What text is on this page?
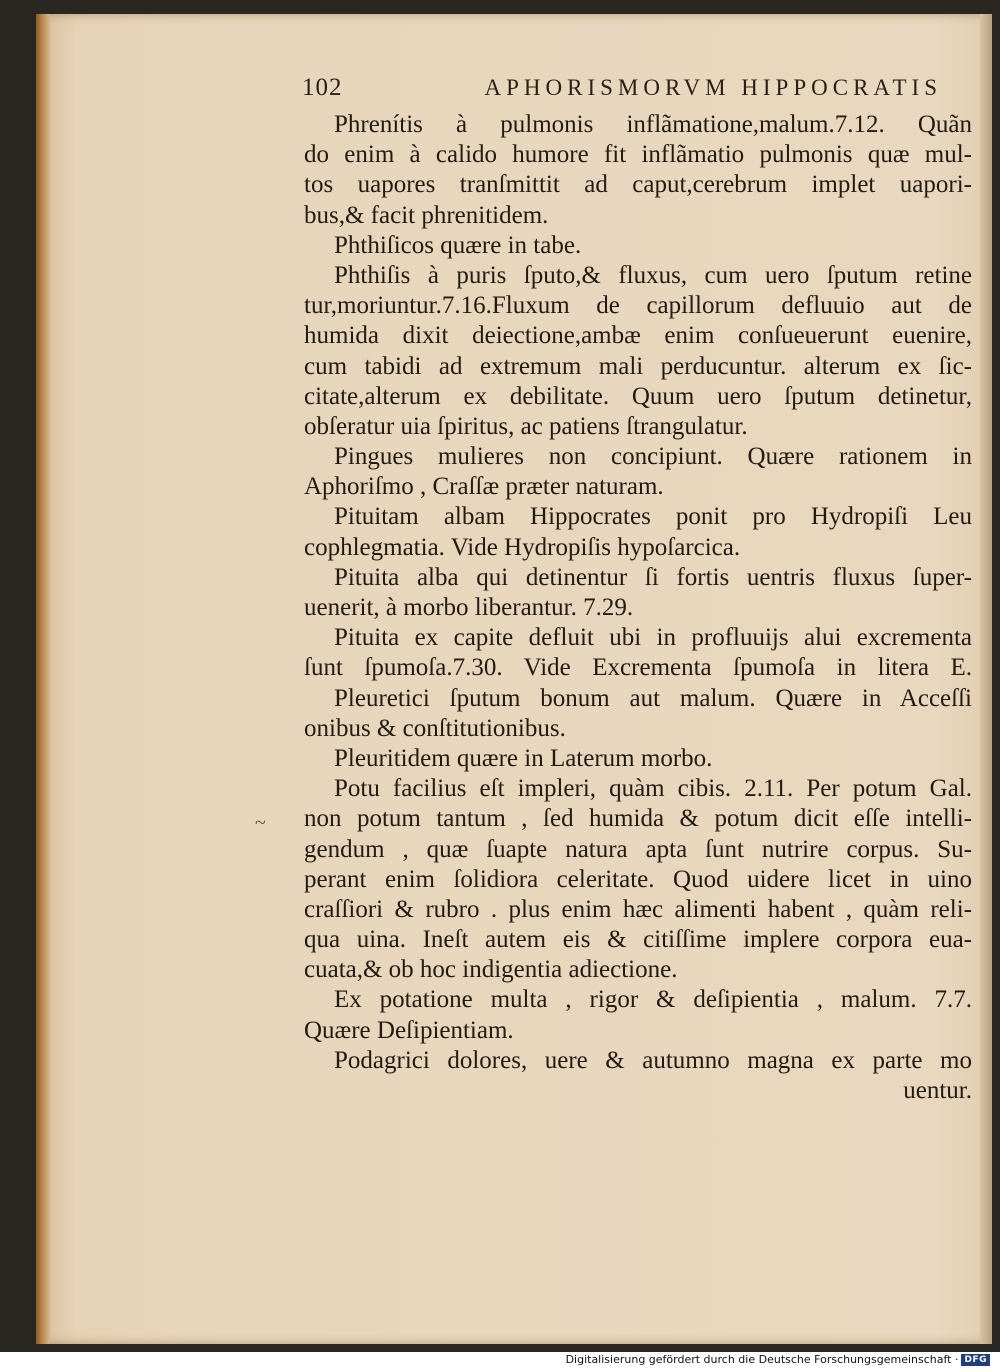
102	APHORISMORVM HIPPOCRATIS
Phrenítis à pulmonis inflãmatione,malum.7.12. Quãn
do enim à calido humore fit inflãmatio pulmonis quæ mul-
tos uapores tranſmittit ad caput,cerebrum implet uapori-
bus,& facit phrenitidem.
Phthiſicos quære in tabe.
Phthiſis à puris ſputo,& fluxus, cum uero ſputum retine
tur,moriuntur.7.16.Fluxum de capillorum defluuio aut de
humida dixit deiectione,ambæ enim conſueuerunt euenire,
cum tabidi ad extremum mali perducuntur. alterum ex ſic-
citate,alterum ex debilitate. Quum uero ſputum detinetur,
obſeratur uia ſpiritus, ac patiens ſtrangulatur.
Pingues mulieres non concipiunt. Quære rationem in
Aphoriſmo , Craſſæ præter naturam.
Pituitam albam Hippocrates ponit pro Hydropiſi Leu
cophlegmatia. Vide Hydropiſis hypoſarcica.
Pituita alba qui detinentur ſi fortis uentris fluxus ſuper-
uenerit, à morbo liberantur. 7.29.
Pituita ex capite defluit ubi in profluuijs alui excrementa
ſunt ſpumoſa.7.30. Vide Excrementa ſpumoſa in litera E.
Pleuretici ſputum bonum aut malum. Quære in Acceſſi
onibus & conſtitutionibus.
Pleuritidem quære in Laterum morbo.
Potu facilius eſt impleri, quàm cibis. 2.11. Per potum Gal.
non potum tantum , ſed humida & potum dicit eſſe intelli-
gendum , quæ ſuapte natura apta ſunt nutrire corpus. Su-
perant enim ſolidiora celeritate. Quod uidere licet in uino
craſſiori & rubro . plus enim hæc alimenti habent , quàm reli-
qua uina. Ineſt autem eis & citiſſime implere corpora eua-
cuata,& ob hoc indigentia adiectione.
Ex potatione multa , rigor & deſipientia , malum. 7.7.
Quære Deſipientiam.
Podagrici dolores, uere & autumno magna ex parte mo
uentur.
~
Digitalisierung gefördert durch die Deutsche Forschungsgemeinschaft · DFG
